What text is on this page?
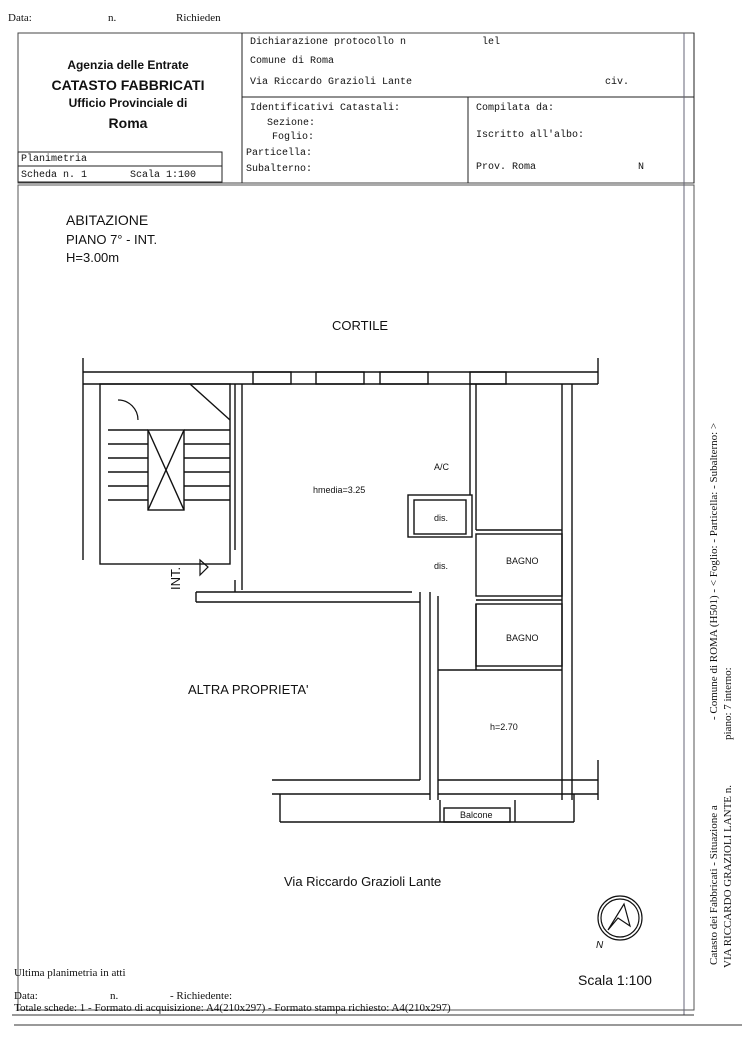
Data:	n.	Richieden
Agenzia delle Entrate
CATASTO FABBRICATI
Ufficio Provinciale di
Roma
Dichiarazione protocollo n	lel
Comune di Roma
Via Riccardo Grazioli Lante	civ.
Identificativi Catastali:
Sezione:
Foglio:
Particella:
Subalterno:
Compilata da:
Iscritto all'albo:
Prov. Roma	N
Planimetria
Scheda n. 1	Scala 1:100
ABITAZIONE
PIANO 7° - INT.
H=3.00m
CORTILE
INT.
ALTRA PROPRIETA'
hmedia=3.25
A/C
dis.
dis.	BAGNO
BAGNO
h=2.70
Balcone
Via Riccardo Grazioli Lante
N
Scala 1:100
Catasto dei Fabbricati - Situazione a VIA RICCARDO GRAZIOLI LANTE n.
- Comune di ROMA (H501) - < Foglio: - Particella: - Subalterno: > piano: 7 interno:
Ultima planimetria in atti
Data:	n.	- Richiedente:
Totale schede: 1 - Formato di acquisizione: A4(210x297) - Formato stampa richiesto: A4(210x297)
